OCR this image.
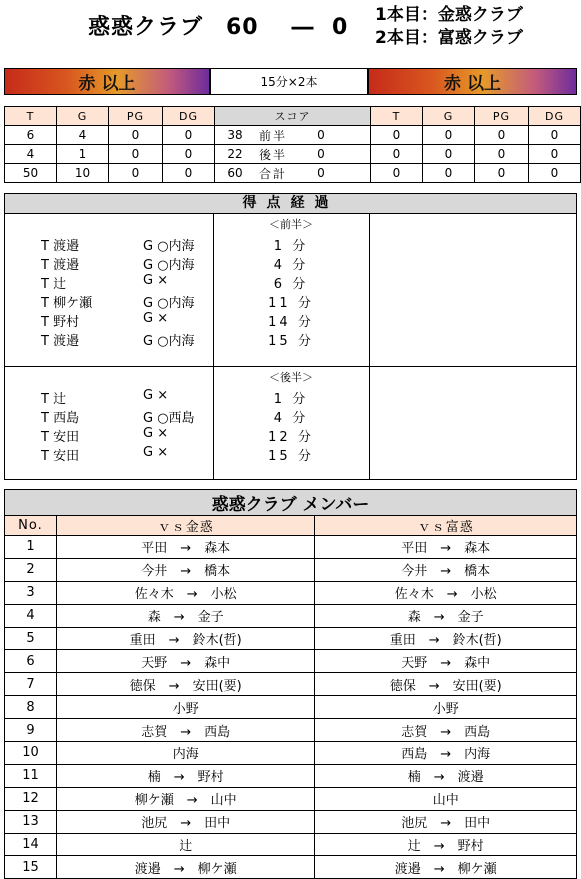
惑惑クラブ 60 ― 0 1本目：金惑クラブ
2本目：富惑クラブ
赤 以上	15分×2本	赤 以上
T	G	PG	DG	スコア	T	G	PG	DG
6	4	0	0	38 前半 0	0	0	0	0
4	1	0	0	22 後半 0	0	0	0	0
50	10	0	0	60 合計 0	0	0	0	0
得点経過
＜前半＞
T 渡邉	G ○内海	1 分
T 渡邉	G ○内海	4 分
T 辻	G ×	6 分
T 柳ケ瀬	G ○内海	11 分
T 野村	G ×	14 分
T 渡邉	G ○内海	15 分
＜後半＞
T 辻	G ×	1 分
T 西島	G ○西島	4 分
T 安田	G ×	12 分
T 安田	G ×	15 分
惑惑クラブ メンバー		
No.	ｖｓ金惑	ｖｓ富惑
1	平田　→　森本	平田　→　森本
2	今井　→　橋本	今井　→　橋本
3	佐々木　→　小松	佐々木　→　小松
4	森　→　金子	森　→　金子
5	重田　→　鈴木(哲)	重田　→　鈴木(哲)
6	天野　→　森中	天野　→　森中
7	徳保　→　安田(要)	徳保　→　安田(要)
8	小野	小野
9	志賀　→　西島	志賀　→　西島
10	内海	西島　→　内海
11	楠　→　野村	楠　→　渡邉
12	柳ケ瀬　→　山中	山中
13	池尻　→　田中	池尻　→　田中
14	辻	辻　→　野村
15	渡邉　→　柳ケ瀬	渡邉　→　柳ケ瀬
